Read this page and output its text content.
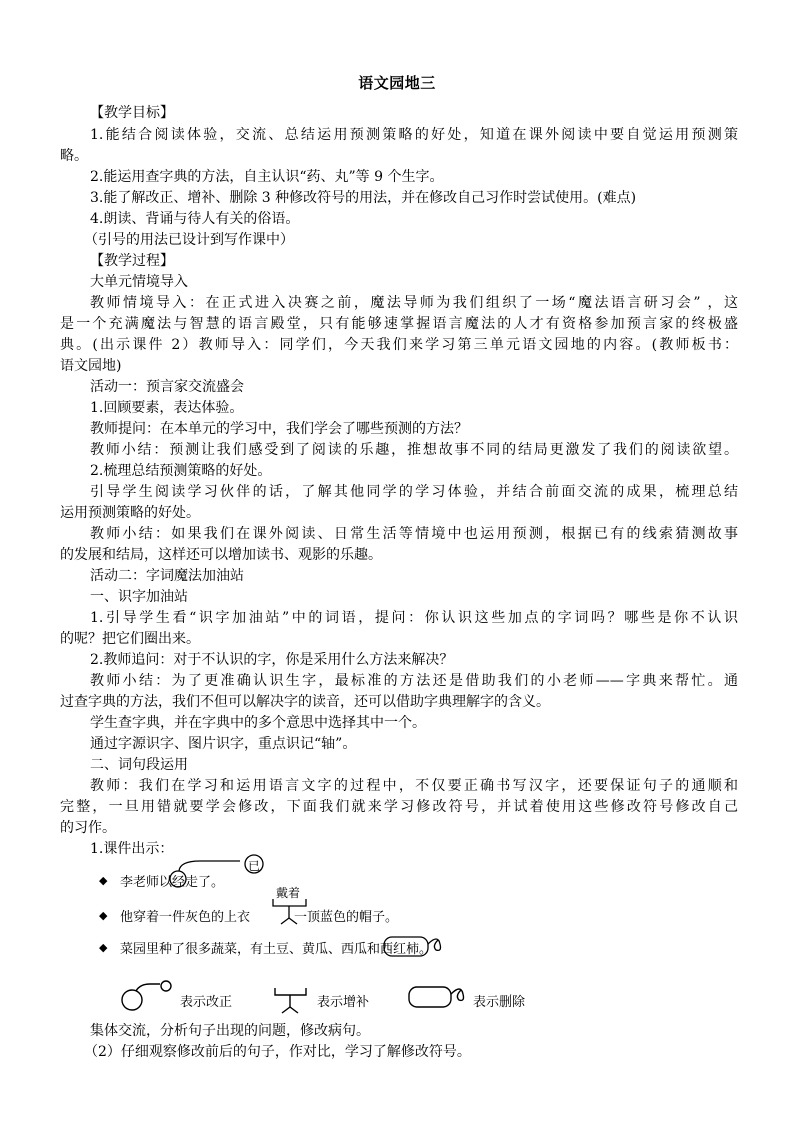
语文园地三
【教学目标】
1.能结合阅读体验，交流、总结运用预测策略的好处，知道在课外阅读中要自觉运用预测策
略。
2.能运用查字典的方法，自主认识“药、丸”等 9 个生字。
3.能了解改正、增补、删除 3 种修改符号的用法，并在修改自己习作时尝试使用。(难点)
4.朗读、背诵与待人有关的俗语。
（引号的用法已设计到写作课中）
【教学过程】
大单元情境导入
教师情境导入：在正式进入决赛之前，魔法导师为我们组织了一场“魔法语言研习会” ，这
是一个充满魔法与智慧的语言殿堂，只有能够速掌握语言魔法的人才有资格参加预言家的终极盛
典。(出示课件 2）教师导入：同学们，今天我们来学习第三单元语文园地的内容。(教师板书：
语文园地)
活动一：预言家交流盛会
1.回顾要素，表达体验。
教师提问：在本单元的学习中，我们学会了哪些预测的方法？
教师小结：预测让我们感受到了阅读的乐趣，推想故事不同的结局更激发了我们的阅读欲望。
2.梳理总结预测策略的好处。
引导学生阅读学习伙伴的话，了解其他同学的学习体验，并结合前面交流的成果，梳理总结
运用预测策略的好处。
教师小结：如果我们在课外阅读、日常生活等情境中也运用预测，根据已有的线索猜测故事
的发展和结局，这样还可以增加读书、观影的乐趣。
活动二：字词魔法加油站
一、识字加油站
1.引导学生看“识字加油站”中的词语，提问：你认识这些加点的字词吗？哪些是你不认识
的呢？把它们圈出来。
2.教师追问：对于不认识的字，你是采用什么方法来解决？
教师小结：为了更准确认识生字，最标准的方法还是借助我们的小老师——字典来帮忙。通
过查字典的方法，我们不但可以解决字的读音，还可以借助字典理解字的含义。
学生查字典，并在字典中的多个意思中选择其中一个。
通过字源识字、图片识字，重点识记“轴”。
二、词句段运用
教师：我们在学习和运用语言文字的过程中，不仅要正确书写汉字，还要保证句子的通顺和
完整，一旦用错就要学会修改，下面我们就来学习修改符号，并试着使用这些修改符号修改自己
的习作。
1.课件出示：
◆ 李老师以经走了。
已
◆ 他穿着一件灰色的上衣	一顶蓝色的帽子。
戴着
◆ 菜园里种了很多蔬菜，有土豆、黄瓜、西瓜和西红柿。
表示改正	表示增补	表示删除
集体交流，分析句子出现的问题，修改病句。
（2）仔细观察修改前后的句子，作对比，学习了解修改符号。
